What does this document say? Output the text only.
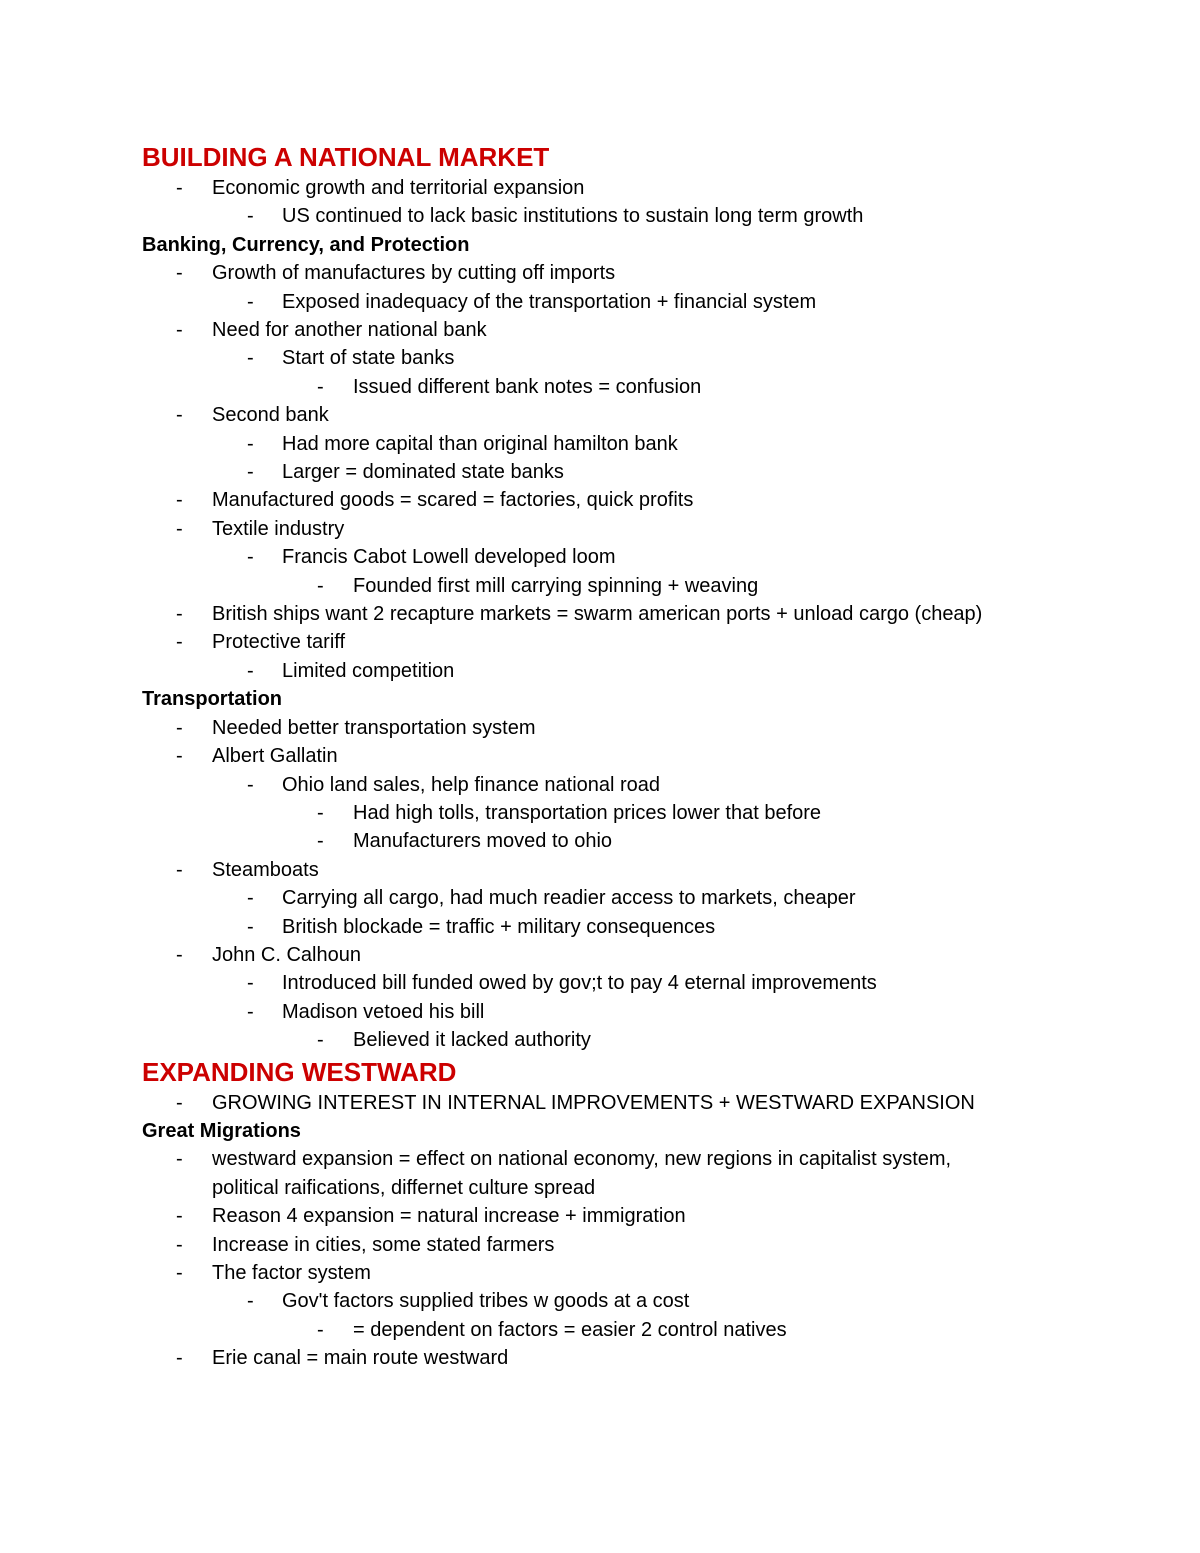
BUILDING A NATIONAL MARKET
- Economic growth and territorial expansion
- US continued to lack basic institutions to sustain long term growth
Banking, Currency, and Protection
- Growth of manufactures by cutting off imports
- Exposed inadequacy of the transportation + financial system
- Need for another national bank
- Start of state banks
- Issued different bank notes = confusion
- Second bank
- Had more capital than original hamilton bank
- Larger = dominated state banks
- Manufactured goods = scared = factories, quick profits
- Textile industry
- Francis Cabot Lowell developed loom
- Founded first mill carrying spinning + weaving
- British ships want 2 recapture markets = swarm american ports + unload cargo (cheap)
- Protective tariff
- Limited competition
Transportation
- Needed better transportation system
- Albert Gallatin
- Ohio land sales, help finance national road
- Had high tolls, transportation prices lower that before
- Manufacturers moved to ohio
- Steamboats
- Carrying all cargo, had much readier access to markets, cheaper
- British blockade = traffic + military consequences
- John C. Calhoun
- Introduced bill funded owed by gov;t to pay 4 eternal improvements
- Madison vetoed his bill
- Believed it lacked authority
EXPANDING WESTWARD
- GROWING INTEREST IN INTERNAL IMPROVEMENTS + WESTWARD EXPANSION
Great Migrations
- westward expansion = effect on national economy, new regions in capitalist system, political raifications, differnet culture spread
- Reason 4 expansion = natural increase + immigration
- Increase in cities, some stated farmers
- The factor system
- Gov't factors supplied tribes w goods at a cost
- = dependent on factors = easier 2 control natives
- Erie canal = main route westward
